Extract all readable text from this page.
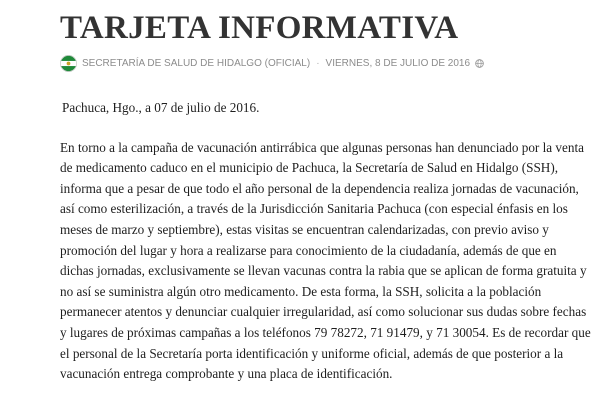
TARJETA INFORMATIVA
SECRETARÍA DE SALUD DE HIDALGO (OFICIAL) · VIERNES, 8 DE JULIO DE 2016

Pachuca, Hgo., a 07 de julio de 2016.

En torno a la campaña de vacunación antirrábica que algunas personas han denunciado por la venta de medicamento caduco en el municipio de Pachuca, la Secretaría de Salud en Hidalgo (SSH), informa que a pesar de que todo el año personal de la dependencia realiza jornadas de vacunación, así como esterilización, a través de la Jurisdicción Sanitaria Pachuca (con especial énfasis en los meses de marzo y septiembre), estas visitas se encuentran calendarizadas, con previo aviso y promoción del lugar y hora a realizarse para conocimiento de la ciudadanía, además de que en dichas jornadas, exclusivamente se llevan vacunas contra la rabia que se aplican de forma gratuita y no así se suministra algún otro medicamento. De esta forma, la SSH, solicita a la población permanecer atentos y denunciar cualquier irregularidad, así como solucionar sus dudas sobre fechas y lugares de próximas campañas a los teléfonos 79 78272, 71 91479, y 71 30054. Es de recordar que el personal de la Secretaría porta identificación y uniforme oficial, además de que posterior a la vacunación entrega comprobante y una placa de identificación.
